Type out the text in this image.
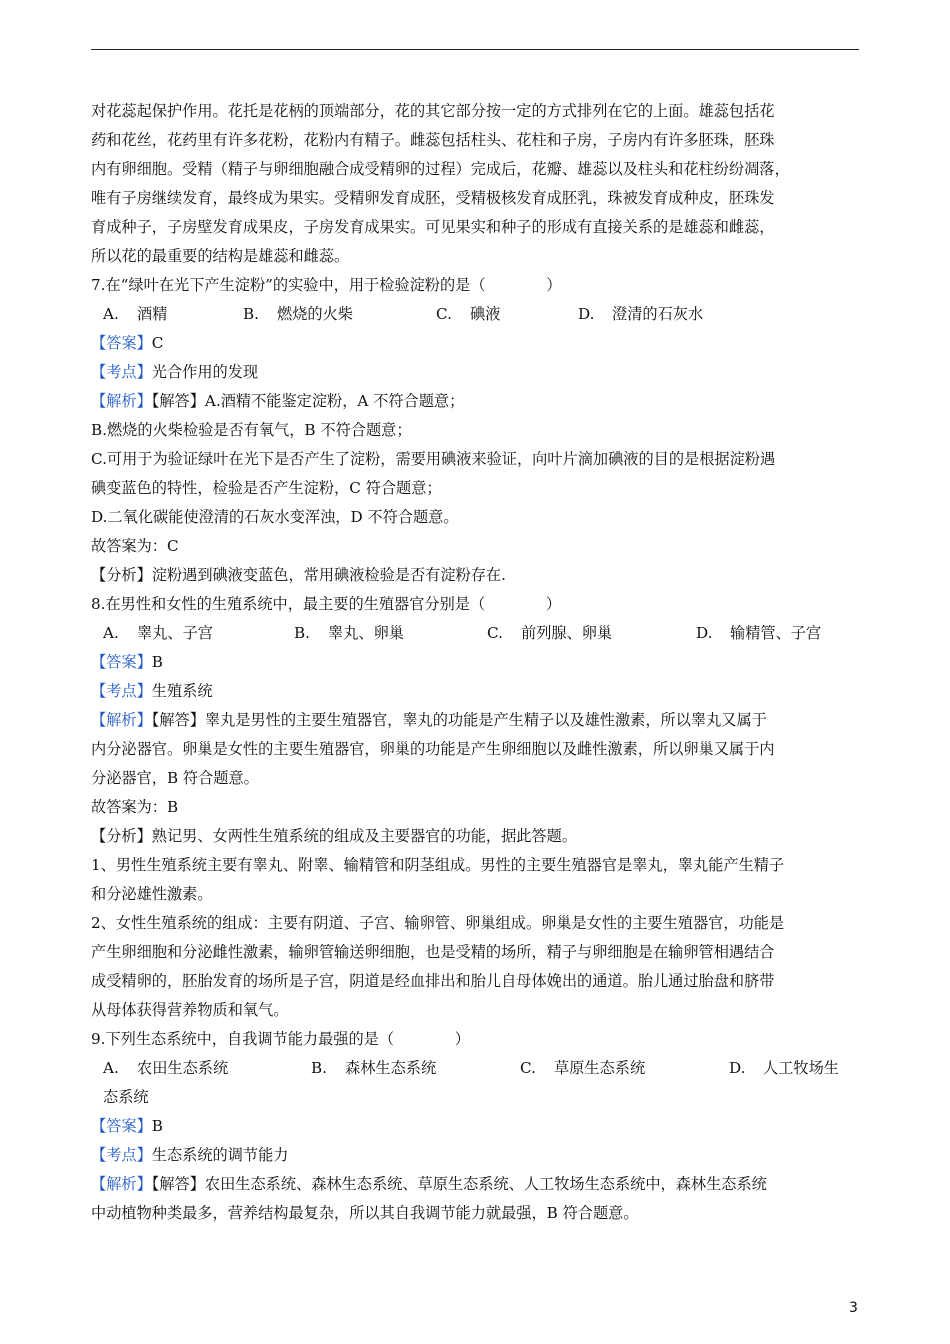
对花蕊起保护作用。花托是花柄的顶端部分，花的其它部分按一定的方式排列在它的上面。雄蕊包括花
药和花丝，花药里有许多花粉，花粉内有精子。雌蕊包括柱头、花柱和子房，子房内有许多胚珠，胚珠
内有卵细胞。受精（精子与卵细胞融合成受精卵的过程）完成后，花瓣、雄蕊以及柱头和花柱纷纷凋落，
唯有子房继续发育，最终成为果实。受精卵发育成胚，受精极核发育成胚乳，珠被发育成种皮，胚珠发
育成种子，子房壁发育成果皮，子房发育成果实。可见果实和种子的形成有直接关系的是雄蕊和雌蕊，
所以花的最重要的结构是雄蕊和雌蕊。
7.在“绿叶在光下产生淀粉”的实验中，用于检验淀粉的是（　　　　）
A. 酒精	B. 燃烧的火柴	C. 碘液	D. 澄清的石灰水
【答案】C
【考点】光合作用的发现
【解析】【解答】A.酒精不能鉴定淀粉，A 不符合题意；
B.燃烧的火柴检验是否有氧气，B 不符合题意；
C.可用于为验证绿叶在光下是否产生了淀粉，需要用碘液来验证，向叶片滴加碘液的目的是根据淀粉遇
碘变蓝色的特性，检验是否产生淀粉，C 符合题意；
D.二氧化碳能使澄清的石灰水变浑浊，D 不符合题意。
故答案为：C
【分析】淀粉遇到碘液变蓝色，常用碘液检验是否有淀粉存在.
8.在男性和女性的生殖系统中，最主要的生殖器官分别是（　　　　）
A. 睾丸、子宫	B. 睾丸、卵巢	C. 前列腺、卵巢	D. 输精管、子宫
【答案】B
【考点】生殖系统
【解析】【解答】睾丸是男性的主要生殖器官，睾丸的功能是产生精子以及雄性激素，所以睾丸又属于
内分泌器官。卵巢是女性的主要生殖器官，卵巢的功能是产生卵细胞以及雌性激素，所以卵巢又属于内
分泌器官，B 符合题意。
故答案为：B
【分析】熟记男、女两性生殖系统的组成及主要器官的功能，据此答题。
1、男性生殖系统主要有睾丸、附睾、输精管和阴茎组成。男性的主要生殖器官是睾丸，睾丸能产生精子
和分泌雄性激素。
2、女性生殖系统的组成：主要有阴道、子宫、输卵管、卵巢组成。卵巢是女性的主要生殖器官，功能是
产生卵细胞和分泌雌性激素，输卵管输送卵细胞，也是受精的场所，精子与卵细胞是在输卵管相遇结合
成受精卵的，胚胎发育的场所是子宫，阴道是经血排出和胎儿自母体娩出的通道。胎儿通过胎盘和脐带
从母体获得营养物质和氧气。
9.下列生态系统中，自我调节能力最强的是（　　　　）
A. 农田生态系统	B. 森林生态系统	C. 草原生态系统	D. 人工牧场生
态系统
【答案】B
【考点】生态系统的调节能力
【解析】【解答】农田生态系统、森林生态系统、草原生态系统、人工牧场生态系统中，森林生态系统
中动植物种类最多，营养结构最复杂，所以其自我调节能力就最强，B 符合题意。
3
